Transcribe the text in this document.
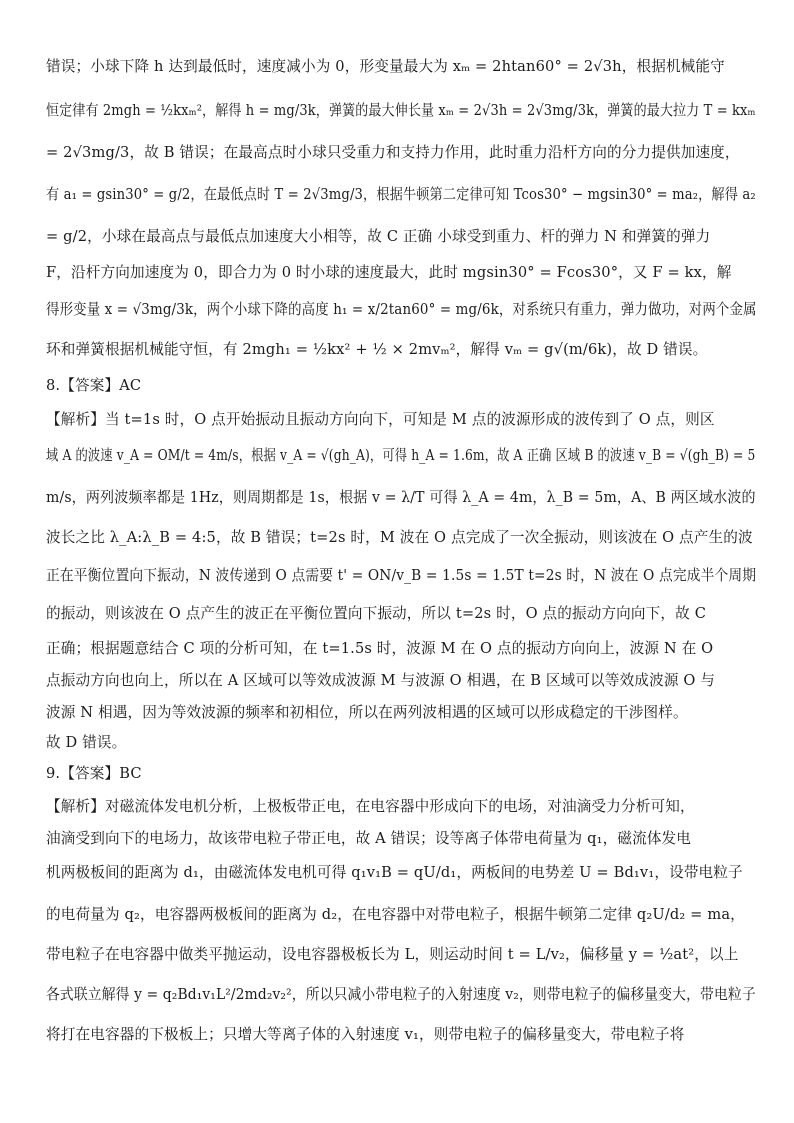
错误；小球下降 h 达到最低时，速度减小为 0，形变量最大为 xₘ = 2htan60° = 2√3h，根据机械能守
恒定律有 2mgh = ½kxₘ²，解得 h = mg/3k，弹簧的最大伸长量 xₘ = 2√3h = 2√3mg/3k，弹簧的最大拉力 T = kxₘ
= 2√3mg/3，故 B 错误；在最高点时小球只受重力和支持力作用，此时重力沿杆方向的分力提供加速度，
有 a₁ = gsin30° = g/2，在最低点时 T = 2√3mg/3，根据牛顿第二定律可知 Tcos30° − mgsin30° = ma₂，解得 a₂
= g/2，小球在最高点与最低点加速度大小相等，故 C 正确 小球受到重力、杆的弹力 N 和弹簧的弹力
F，沿杆方向加速度为 0，即合力为 0 时小球的速度最大，此时 mgsin30° = Fcos30°，又 F = kx，解
得形变量 x = √3mg/3k，两个小球下降的高度 h₁ = x/2tan60° = mg/6k，对系统只有重力，弹力做功，对两个金属
环和弹簧根据机械能守恒，有 2mgh₁ = ½kx² + ½ × 2mvₘ²，解得 vₘ = g√(m/6k)，故 D 错误。
8.【答案】AC
【解析】当 t=1s 时，O 点开始振动且振动方向向下，可知是 M 点的波源形成的波传到了 O 点，则区
域 A 的波速 v_A = OM/t = 4m/s，根据 v_A = √(gh_A)，可得 h_A = 1.6m，故 A 正确 区域 B 的波速 v_B = √(gh_B) = 5
m/s，两列波频率都是 1Hz，则周期都是 1s，根据 v = λ/T 可得 λ_A = 4m，λ_B = 5m，A、B 两区域水波的
波长之比 λ_A:λ_B = 4:5，故 B 错误；t=2s 时，M 波在 O 点完成了一次全振动，则该波在 O 点产生的波
正在平衡位置向下振动，N 波传递到 O 点需要 t' = ON/v_B = 1.5s = 1.5T t=2s 时，N 波在 O 点完成半个周期
的振动，则该波在 O 点产生的波正在平衡位置向下振动，所以 t=2s 时，O 点的振动方向向下，故 C
正确；根据题意结合 C 项的分析可知，在 t=1.5s 时，波源 M 在 O 点的振动方向向上，波源 N 在 O
点振动方向也向上，所以在 A 区域可以等效成波源 M 与波源 O 相遇，在 B 区域可以等效成波源 O 与
波源 N 相遇，因为等效波源的频率和初相位，所以在两列波相遇的区域可以形成稳定的干涉图样。
故 D 错误。
9.【答案】BC
【解析】对磁流体发电机分析，上极板带正电，在电容器中形成向下的电场，对油滴受力分析可知，
油滴受到向下的电场力，故该带电粒子带正电，故 A 错误；设等离子体带电荷量为 q₁，磁流体发电
机两极板间的距离为 d₁，由磁流体发电机可得 q₁v₁B = qU/d₁，两板间的电势差 U = Bd₁v₁，设带电粒子
的电荷量为 q₂，电容器两极板间的距离为 d₂，在电容器中对带电粒子，根据牛顿第二定律 q₂U/d₂ = ma，
带电粒子在电容器中做类平抛运动，设电容器极板长为 L，则运动时间 t = L/v₂，偏移量 y = ½at²，以上
各式联立解得 y = q₂Bd₁v₁L²/2md₂v₂²，所以只减小带电粒子的入射速度 v₂，则带电粒子的偏移量变大，带电粒子
将打在电容器的下极板上；只增大等离子体的入射速度 v₁，则带电粒子的偏移量变大，带电粒子将
